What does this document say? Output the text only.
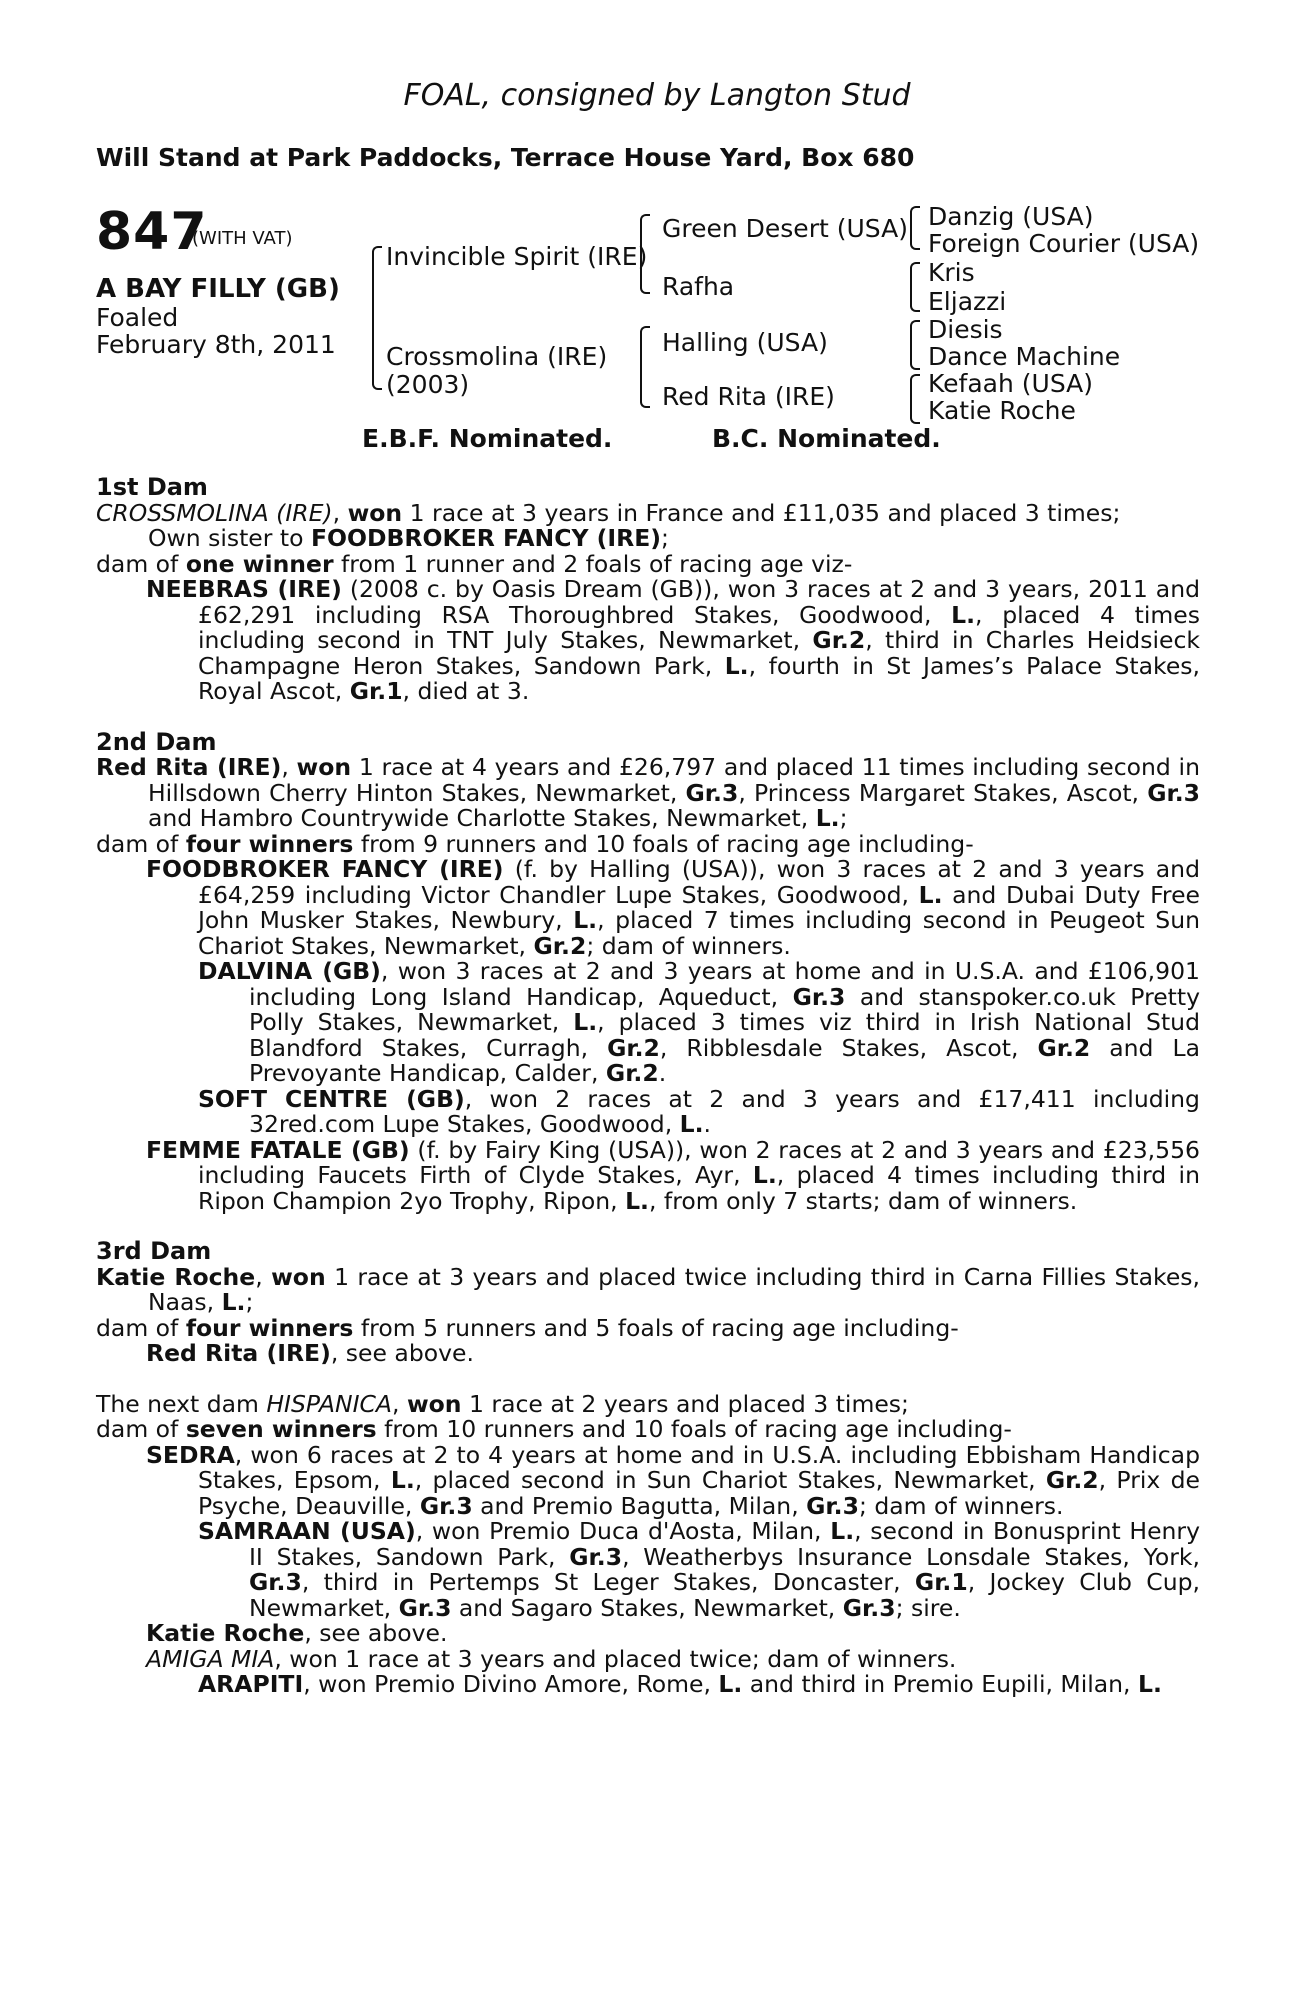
FOAL, consigned by Langton Stud
Will Stand at Park Paddocks, Terrace House Yard, Box 680
847
(WITH VAT)
A BAY FILLY (GB)
Foaled
February 8th, 2011
Invincible Spirit (IRE)
Crossmolina (IRE)
(2003)
Green Desert (USA)
Rafha
Halling (USA)
Red Rita (IRE)
Danzig (USA)
Foreign Courier (USA)
Kris
Eljazzi
Diesis
Dance Machine
Kefaah (USA)
Katie Roche
E.B.F. Nominated.	B.C. Nominated.
1st Dam

CROSSMOLINA (IRE), won 1 race at 3 years in France and £11,035 and placed 3 times;
Own sister to FOODBROKER FANCY (IRE);

dam of one winner from 1 runner and 2 foals of racing age viz-

NEEBRAS (IRE) (2008 c. by Oasis Dream (GB)), won 3 races at 2 and 3 years, 2011 and £62,291 including RSA Thoroughbred Stakes, Goodwood, L., placed 4 times including second in TNT July Stakes, Newmarket, Gr.2, third in Charles Heidsieck Champagne Heron Stakes, Sandown Park, L., fourth in St James’s Palace Stakes, Royal Ascot, Gr.1, died at 3.

2nd Dam

Red Rita (IRE), won 1 race at 4 years and £26,797 and placed 11 times including second in Hillsdown Cherry Hinton Stakes, Newmarket, Gr.3, Princess Margaret Stakes, Ascot, Gr.3 and Hambro Countrywide Charlotte Stakes, Newmarket, L.;

dam of four winners from 9 runners and 10 foals of racing age including-

FOODBROKER FANCY (IRE) (f. by Halling (USA)), won 3 races at 2 and 3 years and £64,259 including Victor Chandler Lupe Stakes, Goodwood, L. and Dubai Duty Free John Musker Stakes, Newbury, L., placed 7 times including second in Peugeot Sun Chariot Stakes, Newmarket, Gr.2; dam of winners.

DALVINA (GB), won 3 races at 2 and 3 years at home and in U.S.A. and £106,901 including Long Island Handicap, Aqueduct, Gr.3 and stanspoker.co.uk Pretty Polly Stakes, Newmarket, L., placed 3 times viz third in Irish National Stud Blandford Stakes, Curragh, Gr.2, Ribblesdale Stakes, Ascot, Gr.2 and La Prevoyante Handicap, Calder, Gr.2.

SOFT CENTRE (GB), won 2 races at 2 and 3 years and £17,411 including 32red.com Lupe Stakes, Goodwood, L..

FEMME FATALE (GB) (f. by Fairy King (USA)), won 2 races at 2 and 3 years and £23,556 including Faucets Firth of Clyde Stakes, Ayr, L., placed 4 times including third in Ripon Champion 2yo Trophy, Ripon, L., from only 7 starts; dam of winners.

3rd Dam

Katie Roche, won 1 race at 3 years and placed twice including third in Carna Fillies Stakes, Naas, L.;

dam of four winners from 5 runners and 5 foals of racing age including-

Red Rita (IRE), see above.

The next dam HISPANICA, won 1 race at 2 years and placed 3 times;

dam of seven winners from 10 runners and 10 foals of racing age including-

SEDRA, won 6 races at 2 to 4 years at home and in U.S.A. including Ebbisham Handicap Stakes, Epsom, L., placed second in Sun Chariot Stakes, Newmarket, Gr.2, Prix de Psyche, Deauville, Gr.3 and Premio Bagutta, Milan, Gr.3; dam of winners.

SAMRAAN (USA), won Premio Duca d'Aosta, Milan, L., second in Bonusprint Henry II Stakes, Sandown Park, Gr.3, Weatherbys Insurance Lonsdale Stakes, York, Gr.3, third in Pertemps St Leger Stakes, Doncaster, Gr.1, Jockey Club Cup, Newmarket, Gr.3 and Sagaro Stakes, Newmarket, Gr.3; sire.

Katie Roche, see above.

AMIGA MIA, won 1 race at 3 years and placed twice; dam of winners.

ARAPITI, won Premio Divino Amore, Rome, L. and third in Premio Eupili, Milan, L.
